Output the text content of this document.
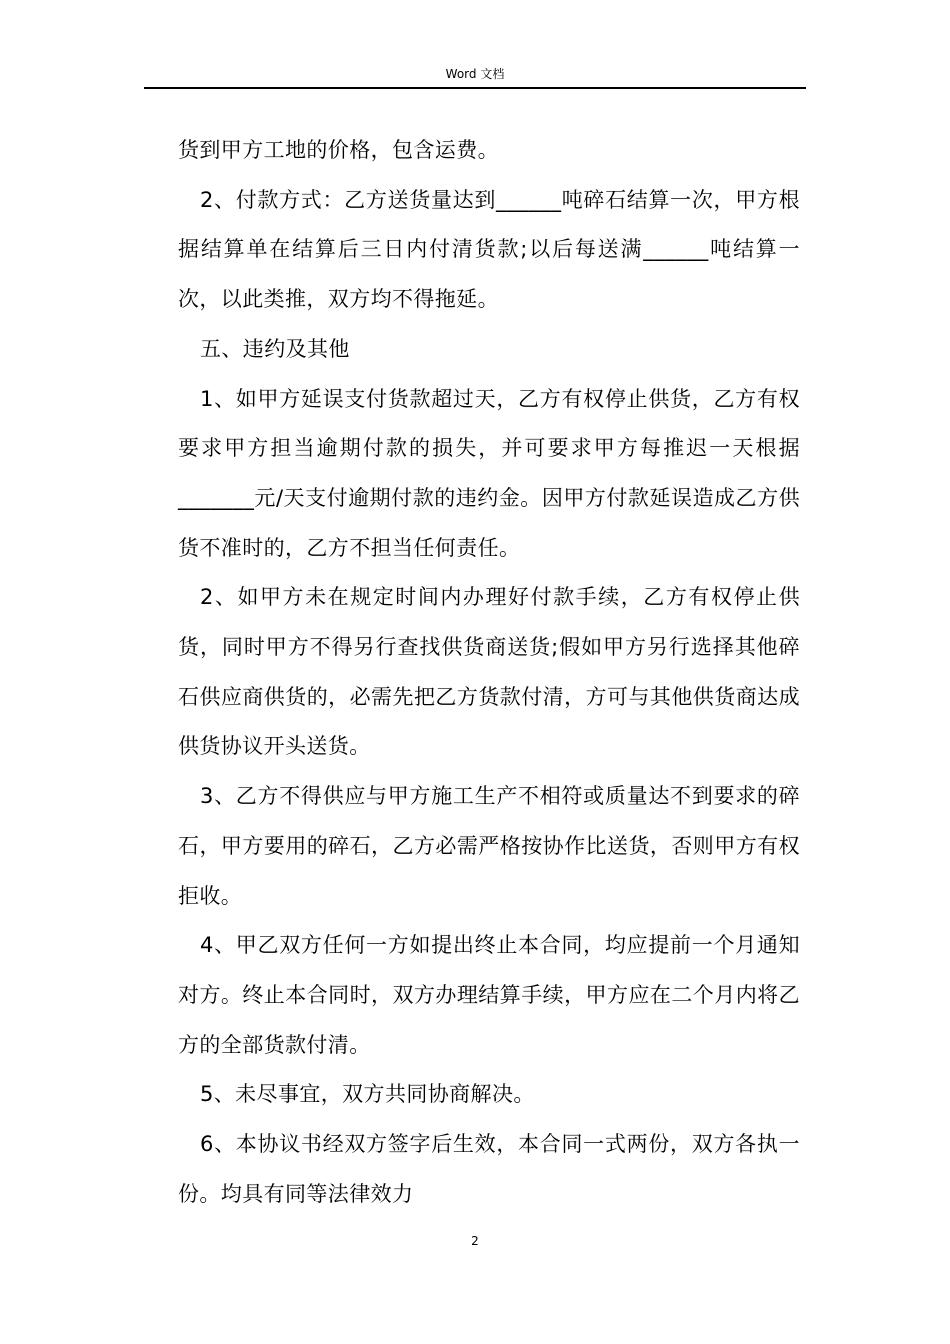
Word 文档

货到甲方工地的价格，包含运费。

2、付款方式：乙方送货量达到______吨碎石结算一次，甲方根据结算单在结算后三日内付清货款;以后每送满______吨结算一次，以此类推，双方均不得拖延。

五、违约及其他

1、如甲方延误支付货款超过天，乙方有权停止供货，乙方有权要求甲方担当逾期付款的损失，并可要求甲方每推迟一天根据_______元/天支付逾期付款的违约金。因甲方付款延误造成乙方供货不准时的，乙方不担当任何责任。

2、如甲方未在规定时间内办理好付款手续，乙方有权停止供货，同时甲方不得另行查找供货商送货;假如甲方另行选择其他碎石供应商供货的，必需先把乙方货款付清，方可与其他供货商达成供货协议开头送货。

3、乙方不得供应与甲方施工生产不相符或质量达不到要求的碎石，甲方要用的碎石，乙方必需严格按协作比送货，否则甲方有权拒收。

4、甲乙双方任何一方如提出终止本合同，均应提前一个月通知对方。终止本合同时，双方办理结算手续，甲方应在二个月内将乙方的全部货款付清。

5、未尽事宜，双方共同协商解决。

6、本协议书经双方签字后生效，本合同一式两份，双方各执一份。均具有同等法律效力

2
